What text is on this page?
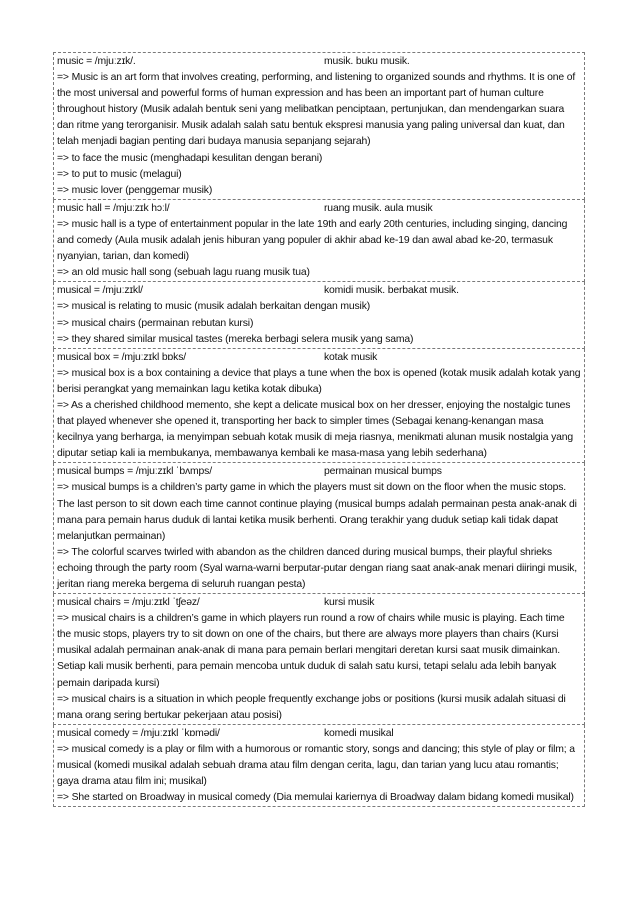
music = /mjuːzɪk/.	musik. buku musik.
=> Music is an art form that involves creating, performing, and listening to organized sounds and rhythms. It is one of the most universal and powerful forms of human expression and has been an important part of human culture throughout history (Musik adalah bentuk seni yang melibatkan penciptaan, pertunjukan, dan mendengarkan suara dan ritme yang terorganisir. Musik adalah salah satu bentuk ekspresi manusia yang paling universal dan kuat, dan telah menjadi bagian penting dari budaya manusia sepanjang sejarah)
=> to face the music (menghadapi kesulitan dengan berani)
=> to put to music (melagui)
=> music lover (penggemar musik)
music hall = /mjuːzɪk hɔːl/	ruang musik. aula musik
=> music hall is a type of entertainment popular in the late 19th and early 20th centuries, including singing, dancing and comedy (Aula musik adalah jenis hiburan yang populer di akhir abad ke-19 dan awal abad ke-20, termasuk nyanyian, tarian, dan komedi)
=> an old music hall song (sebuah lagu ruang musik tua)
musical = /mjuːzɪkl/	komidi musik. berbakat musik.
=> musical is relating to music (musik adalah berkaitan dengan musik)
=> musical chairs (permainan rebutan kursi)
=> they shared similar musical tastes (mereka berbagi selera musik yang sama)
musical box = /mjuːzɪkl bɒks/	kotak musik
=> musical box is a box containing a device that plays a tune when the box is opened (kotak musik adalah kotak yang berisi perangkat yang memainkan lagu ketika kotak dibuka)
=> As a cherished childhood memento, she kept a delicate musical box on her dresser, enjoying the nostalgic tunes that played whenever she opened it, transporting her back to simpler times (Sebagai kenang-kenangan masa kecilnya yang berharga, ia menyimpan sebuah kotak musik di meja riasnya, menikmati alunan musik nostalgia yang diputar setiap kali ia membukanya, membawanya kembali ke masa-masa yang lebih sederhana)
musical bumps = /mjuːzɪkl ˈbʌmps/	permainan musical bumps
=> musical bumps is a children’s party game in which the players must sit down on the floor when the music stops. The last person to sit down each time cannot continue playing (musical bumps adalah permainan pesta anak-anak di mana para pemain harus duduk di lantai ketika musik berhenti. Orang terakhir yang duduk setiap kali tidak dapat melanjutkan permainan)
=> The colorful scarves twirled with abandon as the children danced during musical bumps, their playful shrieks echoing through the party room (Syal warna-warni berputar-putar dengan riang saat anak-anak menari diiringi musik, jeritan riang mereka bergema di seluruh ruangan pesta)
musical chairs = /mjuːzɪkl ˈtʃeəz/	kursi musik
=> musical chairs is a children’s game in which players run round a row of chairs while music is playing. Each time the music stops, players try to sit down on one of the chairs, but there are always more players than chairs (Kursi musikal adalah permainan anak-anak di mana para pemain berlari mengitari deretan kursi saat musik dimainkan. Setiap kali musik berhenti, para pemain mencoba untuk duduk di salah satu kursi, tetapi selalu ada lebih banyak pemain daripada kursi)
=> musical chairs is a situation in which people frequently exchange jobs or positions (kursi musik adalah situasi di mana orang sering bertukar pekerjaan atau posisi)
musical comedy = /mjuːzɪkl ˈkɒmədi/	komedi musikal
=> musical comedy is a play or film with a humorous or romantic story, songs and dancing; this style of play or film; a musical (komedi musikal adalah sebuah drama atau film dengan cerita, lagu, dan tarian yang lucu atau romantis; gaya drama atau film ini; musikal)
=> She started on Broadway in musical comedy (Dia memulai kariernya di Broadway dalam bidang komedi musikal)
